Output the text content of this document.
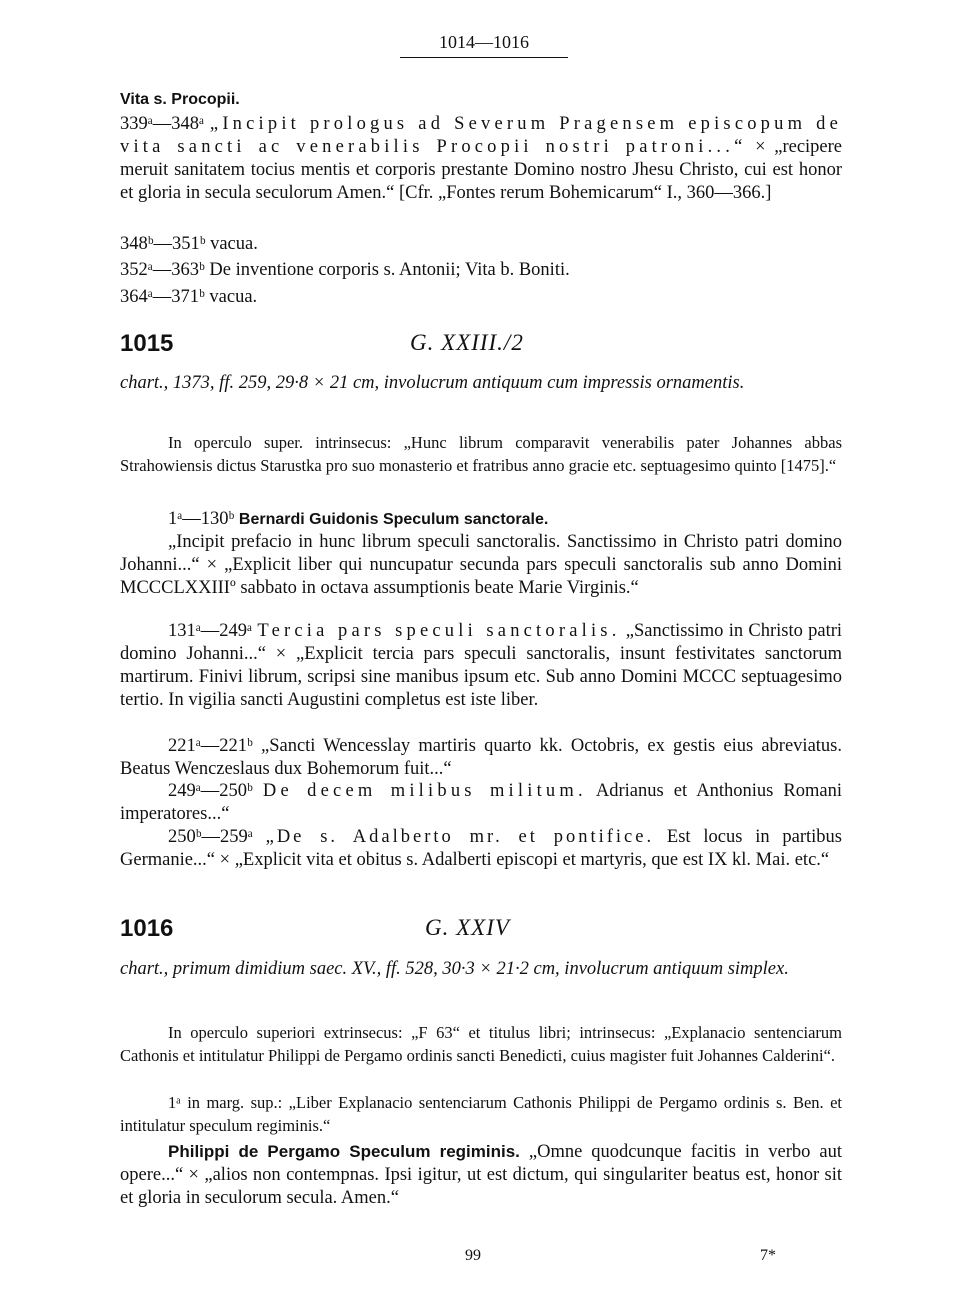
1014—1016
Vita s. Procopii.
339ᵃ—348ᵃ „Incipit prologus ad Severum Pragensem episcopum de vita sancti ac venerabilis Procopii nostri patroni...“ × „recipere meruit sanitatem tocius mentis et corporis prestante Domino nostro Jhesu Christo, cui est honor et gloria in secula seculorum Amen.“ [Cfr. „Fontes rerum Bohemicarum“ I., 360—366.]
348ᵇ—351ᵇ vacua.
352ᵃ—363ᵇ De inventione corporis s. Antonii; Vita b. Boniti.
364ᵃ—371ᵇ vacua.
1015	G. XXIII./2
chart., 1373, ff. 259, 29·8 × 21 cm, involucrum antiquum cum impressis ornamentis.
In operculo super. intrinsecus: „Hunc librum comparavit venerabilis pater Johannes abbas Strahowiensis dictus Starustka pro suo monasterio et fratribus anno gracie etc. septuagesimo quinto [1475].“
1ᵃ—130ᵇ Bernardi Guidonis Speculum sanctorale.
„Incipit prefacio in hunc librum speculi sanctoralis. Sanctissimo in Christo patri domino Johanni...“ × „Explicit liber qui nuncupatur secunda pars speculi sanctoralis sub anno Domini MCCCLXXIIIº sabbato in octava assumptionis beate Marie Virginis.“
131ᵃ—249ᵃ Tercia pars speculi sanctoralis. „Sanctissimo in Christo patri domino Johanni...“ × „Explicit tercia pars speculi sanctoralis, insunt festivitates sanctorum martirum. Finivi librum, scripsi sine manibus ipsum etc. Sub anno Domini MCCC septuagesimo tertio. In vigilia sancti Augustini completus est iste liber.
221ᵃ—221ᵇ „Sancti Wencesslay martiris quarto kk. Octobris, ex gestis eius abreviatus. Beatus Wenczeslaus dux Bohemorum fuit...“
249ᵃ—250ᵇ De decem milibus militum. Adrianus et Anthonius Romani imperatores...“
250ᵇ—259ᵃ „De s. Adalberto mr. et pontifice. Est locus in partibus Germanie...“ × „Explicit vita et obitus s. Adalberti episcopi et martyris, que est IX kl. Mai. etc.“
1016	G. XXIV
chart., primum dimidium saec. XV., ff. 528, 30·3 × 21·2 cm, involucrum antiquum simplex.
In operculo superiori extrinsecus: „F 63“ et titulus libri; intrinsecus: „Explanacio sentenciarum Cathonis et intitulatur Philippi de Pergamo ordinis sancti Benedicti, cuius magister fuit Johannes Calderini“.
1ᵃ in marg. sup.: „Liber Explanacio sentenciarum Cathonis Philippi de Pergamo ordinis s. Ben. et intitulatur speculum regiminis.“
Philippi de Pergamo Speculum regiminis. „Omne quodcunque facitis in verbo aut opere...“ × „alios non contempnas. Ipsi igitur, ut est dictum, qui singulariter beatus est, honor sit et gloria in seculorum secula. Amen.“
99	7*
